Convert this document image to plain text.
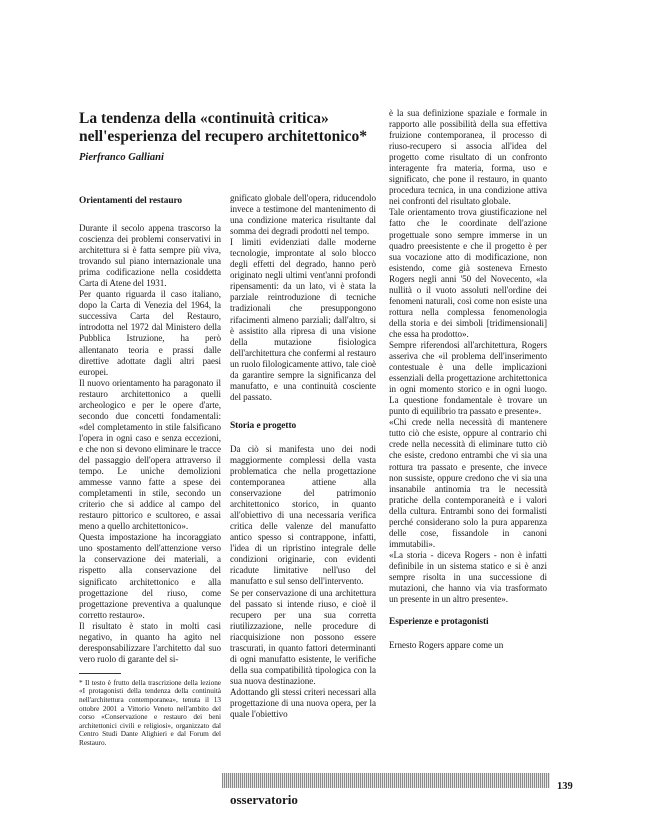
La tendenza della «continuità critica» nell'esperienza del recupero architettonico*

Pierfranco Galliani

Orientamenti del restauro

Durante il secolo appena trascorso la coscienza dei problemi conservativi in architettura si è fatta sempre più viva, trovando sul piano internazionale una prima codificazione nella cosiddetta Carta di Atene del 1931.

Per quanto riguarda il caso italiano, dopo la Carta di Venezia del 1964, la successiva Carta del Restauro, introdotta nel 1972 dal Ministero della Pubblica Istruzione, ha però allentanato teoria e prassi dalle direttive adottate dagli altri paesi europei.

Il nuovo orientamento ha paragonato il restauro architettonico a quelli archeologico e per le opere d'arte, secondo due concetti fondamentali: «del completamento in stile falsificano l'opera in ogni caso e senza eccezioni, e che non si devono eliminare le tracce del passaggio dell'opera attraverso il tempo. Le uniche demolizioni ammesse vanno fatte a spese dei completamenti in stile, secondo un criterio che si addice al campo del restauro pittorico e scultoreo, e assai meno a quello architettonico».

Questa impostazione ha incoraggiato uno spostamento dell'attenzione verso la conservazione dei materiali, a rispetto alla conservazione del significato architettonico e alla progettazione del riuso, come progettazione preventiva a qualunque corretto restauro».

Il risultato è stato in molti casi negativo, in quanto ha agito nel deresponsabilizzare l'architetto dal suo vero ruolo di garante del si-

* Il testo è frutto della trascrizione della lezione «I protagonisti della tendenza della continuità nell'architettura contemporanea», tenuta il 13 ottobre 2001 a Vittorio Veneto nell'ambito del corso «Conservazione e restauro dei beni architettonici civili e religiosi», organizzato dal Centro Studi Dante Alighieri e dal Forum del Restauro.

gnificato globale dell'opera, riducendolo invece a testimone del mantenimento di una condizione materica risultante dal somma dei degradi prodotti nel tempo.

I limiti evidenziati dalle moderne tecnologie, improntate al solo blocco degli effetti del degrado, hanno però originato negli ultimi vent'anni profondi ripensamenti: da un lato, vi è stata la parziale reintroduzione di tecniche tradizionali che presuppongono rifacimenti almeno parziali; dall'altro, si è assistito alla ripresa di una visione della mutazione fisiologica dell'architettura che confermi al restauro un ruolo filologicamente attivo, tale cioè da garantire sempre la significanza del manufatto, e una continuità cosciente del passato.

Storia e progetto

Da ciò si manifesta uno dei nodi maggiormente complessi della vasta problematica che nella progettazione contemporanea attiene alla conservazione del patrimonio architettonico storico, in quanto all'obiettivo di una necessaria verifica critica delle valenze del manufatto antico spesso si contrappone, infatti, l'idea di un ripristino integrale delle condizioni originarie, con evidenti ricadute limitative nell'uso del manufatto e sul senso dell'intervento.

Se per conservazione di una architettura del passato si intende riuso, e cioè il recupero per una sua corretta riutilizzazione, nelle procedure di riacquisizione non possono essere trascurati, in quanto fattori determinanti di ogni manufatto esistente, le verifiche della sua compatibilità tipologica con la sua nuova destinazione.

Adottando gli stessi criteri necessari alla progettazione di una nuova opera, per la quale l'obiettivo

è la sua definizione spaziale e formale in rapporto alle possibilità della sua effettiva fruizione contemporanea, il processo di riuso-recupero si associa all'idea del progetto come risultato di un confronto interagente fra materia, forma, uso e significato, che pone il restauro, in quanto procedura tecnica, in una condizione attiva nei confronti del risultato globale.

Tale orientamento trova giustificazione nel fatto che le coordinate dell'azione progettuale sono sempre immerse in un quadro preesistente e che il progetto è per sua vocazione atto di modificazione, non esistendo, come già sosteneva Ernesto Rogers negli anni '50 del Novecento, «la nullità o il vuoto assoluti nell'ordine dei fenomeni naturali, così come non esiste una rottura nella complessa fenomenologia della storia e dei simboli [tridimensionali] che essa ha prodotto».

Sempre riferendosi all'architettura, Rogers asseriva che «il problema dell'inserimento contestuale è una delle implicazioni essenziali della progettazione architettonica in ogni momento storico e in ogni luogo. La questione fondamentale è trovare un punto di equilibrio tra passato e presente».

«Chi crede nella necessità di mantenere tutto ciò che esiste, oppure al contrario chi crede nella necessità di eliminare tutto ciò che esiste, credono entrambi che vi sia una rottura tra passato e presente, che invece non sussiste, oppure credono che vi sia una insanabile antinomia tra le necessità pratiche della contemporaneità e i valori della cultura. Entrambi sono dei formalisti perché considerano solo la pura apparenza delle cose, fissandole in canoni immutabili».

«La storia - diceva Rogers - non è infatti definibile in un sistema statico e si è anzi sempre risolta in una successione di mutazioni, che hanno via via trasformato un presente in un altro presente».

Esperienze e protagonisti

Ernesto Rogers appare come un

139
osservatorio
